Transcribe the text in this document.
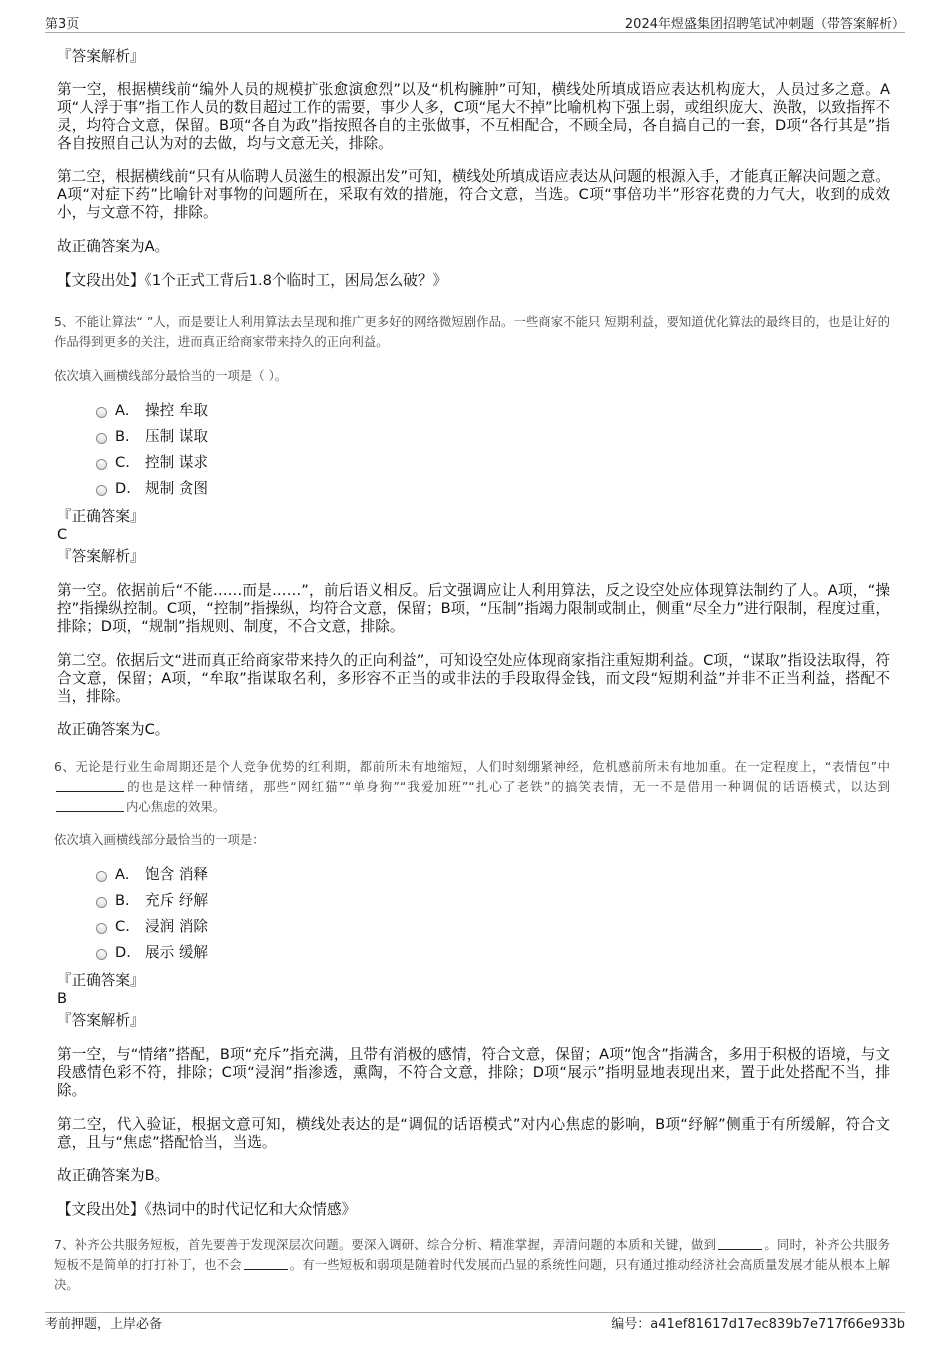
第3页	2024年煜盛集团招聘笔试冲刺题（带答案解析）
『答案解析』
第一空，根据横线前“编外人员的规模扩张愈演愈烈”以及“机构臃肿”可知，横线处所填成语应表达机构庞大，人员过多之意。A项“人浮于事”指工作人员的数目超过工作的需要，事少人多，C项“尾大不掉”比喻机构下强上弱，或组织庞大、涣散，以致指挥不灵，均符合文意，保留。B项“各自为政”指按照各自的主张做事，不互相配合，不顾全局，各自搞自己的一套，D项“各行其是”指各自按照自己认为对的去做，均与文意无关，排除。
第二空，根据横线前“只有从临聘人员滋生的根源出发”可知，横线处所填成语应表达从问题的根源入手，才能真正解决问题之意。A项“对症下药”比喻针对事物的问题所在，采取有效的措施，符合文意，当选。C项“事倍功半”形容花费的力气大，收到的成效小，与文意不符，排除。
故正确答案为A。
【文段出处】《1个正式工背后1.8个临时工，困局怎么破？》
5、不能让算法“ ”人，而是要让人利用算法去呈现和推广更多好的网络微短剧作品。一些商家不能只 短期利益，要知道优化算法的最终目的，也是让好的作品得到更多的关注，进而真正给商家带来持久的正向利益。
依次填入画横线部分最恰当的一项是（ ）。
A. 操控 牟取
B. 压制 谋取
C. 控制 谋求
D. 规制 贪图
『正确答案』
C
『答案解析』
第一空。依据前后“不能……而是……”，前后语义相反。后文强调应让人利用算法，反之设空处应体现算法制约了人。A项，“操控”指操纵控制。C项，“控制”指操纵，均符合文意，保留；B项，“压制”指竭力限制或制止，侧重“尽全力”进行限制，程度过重，排除；D项，“规制”指规则、制度，不合文意，排除。
第二空。依据后文“进而真正给商家带来持久的正向利益”，可知设空处应体现商家指注重短期利益。C项，“谋取”指设法取得，符合文意，保留；A项，“牟取”指谋取名利，多形容不正当的或非法的手段取得金钱，而文段“短期利益”并非不正当利益，搭配不当，排除。
故正确答案为C。
6、无论是行业生命周期还是个人竞争优势的红利期，都前所未有地缩短，人们时刻绷紧神经，危机感前所未有地加重。在一定程度上，“表情包”中的也是这样一种情绪，那些“网红猫”“单身狗”“我爱加班”“扎心了老铁”的搞笑表情，无一不是借用一种调侃的话语模式，以达到内心焦虑的效果。
依次填入画横线部分最恰当的一项是：
A. 饱含 消释
B. 充斥 纾解
C. 浸润 消除
D. 展示 缓解
『正确答案』
B
『答案解析』
第一空，与“情绪”搭配，B项“充斥”指充满，且带有消极的感情，符合文意，保留；A项“饱含”指满含，多用于积极的语境，与文段感情色彩不符，排除；C项“浸润”指渗透，熏陶，不符合文意，排除；D项“展示”指明显地表现出来，置于此处搭配不当，排除。
第二空，代入验证，根据文意可知，横线处表达的是“调侃的话语模式”对内心焦虑的影响，B项“纾解”侧重于有所缓解，符合文意，且与“焦虑”搭配恰当，当选。
故正确答案为B。
【文段出处】《热词中的时代记忆和大众情感》
7、补齐公共服务短板，首先要善于发现深层次问题。要深入调研、综合分析、精准掌握，弄清问题的本质和关键，做到	。同时，补齐公共服务短板不是简单的打打补丁，也不会	。有一些短板和弱项是随着时代发展而凸显的系统性问题，只有通过推动经济社会高质量发展才能从根本上解决。
考前押题，上岸必备	编号：a41ef81617d17ec839b7e717f66e933b
